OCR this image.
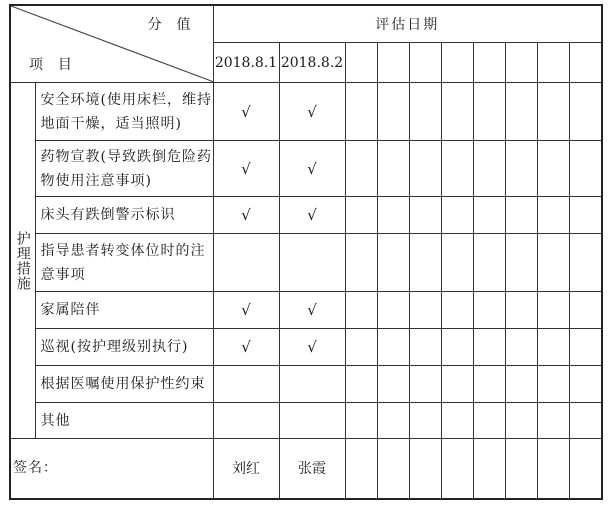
分  值
项  目		评估日期									
		2018.8.1	2018.8.2								

护理措施	安全环境(使用床栏，维持地面干燥，适当照明)	√	√								
	药物宣教(导致跌倒危险药物使用注意事项)	√	√								
	床头有跌倒警示标识	√	√								
	指导患者转变体位时的注意事项										
	家属陪伴	√	√								
	巡视(按护理级别执行)	√	√								
	根据医嘱使用保护性约束										
	其他										
签名：		刘红	张霞								
